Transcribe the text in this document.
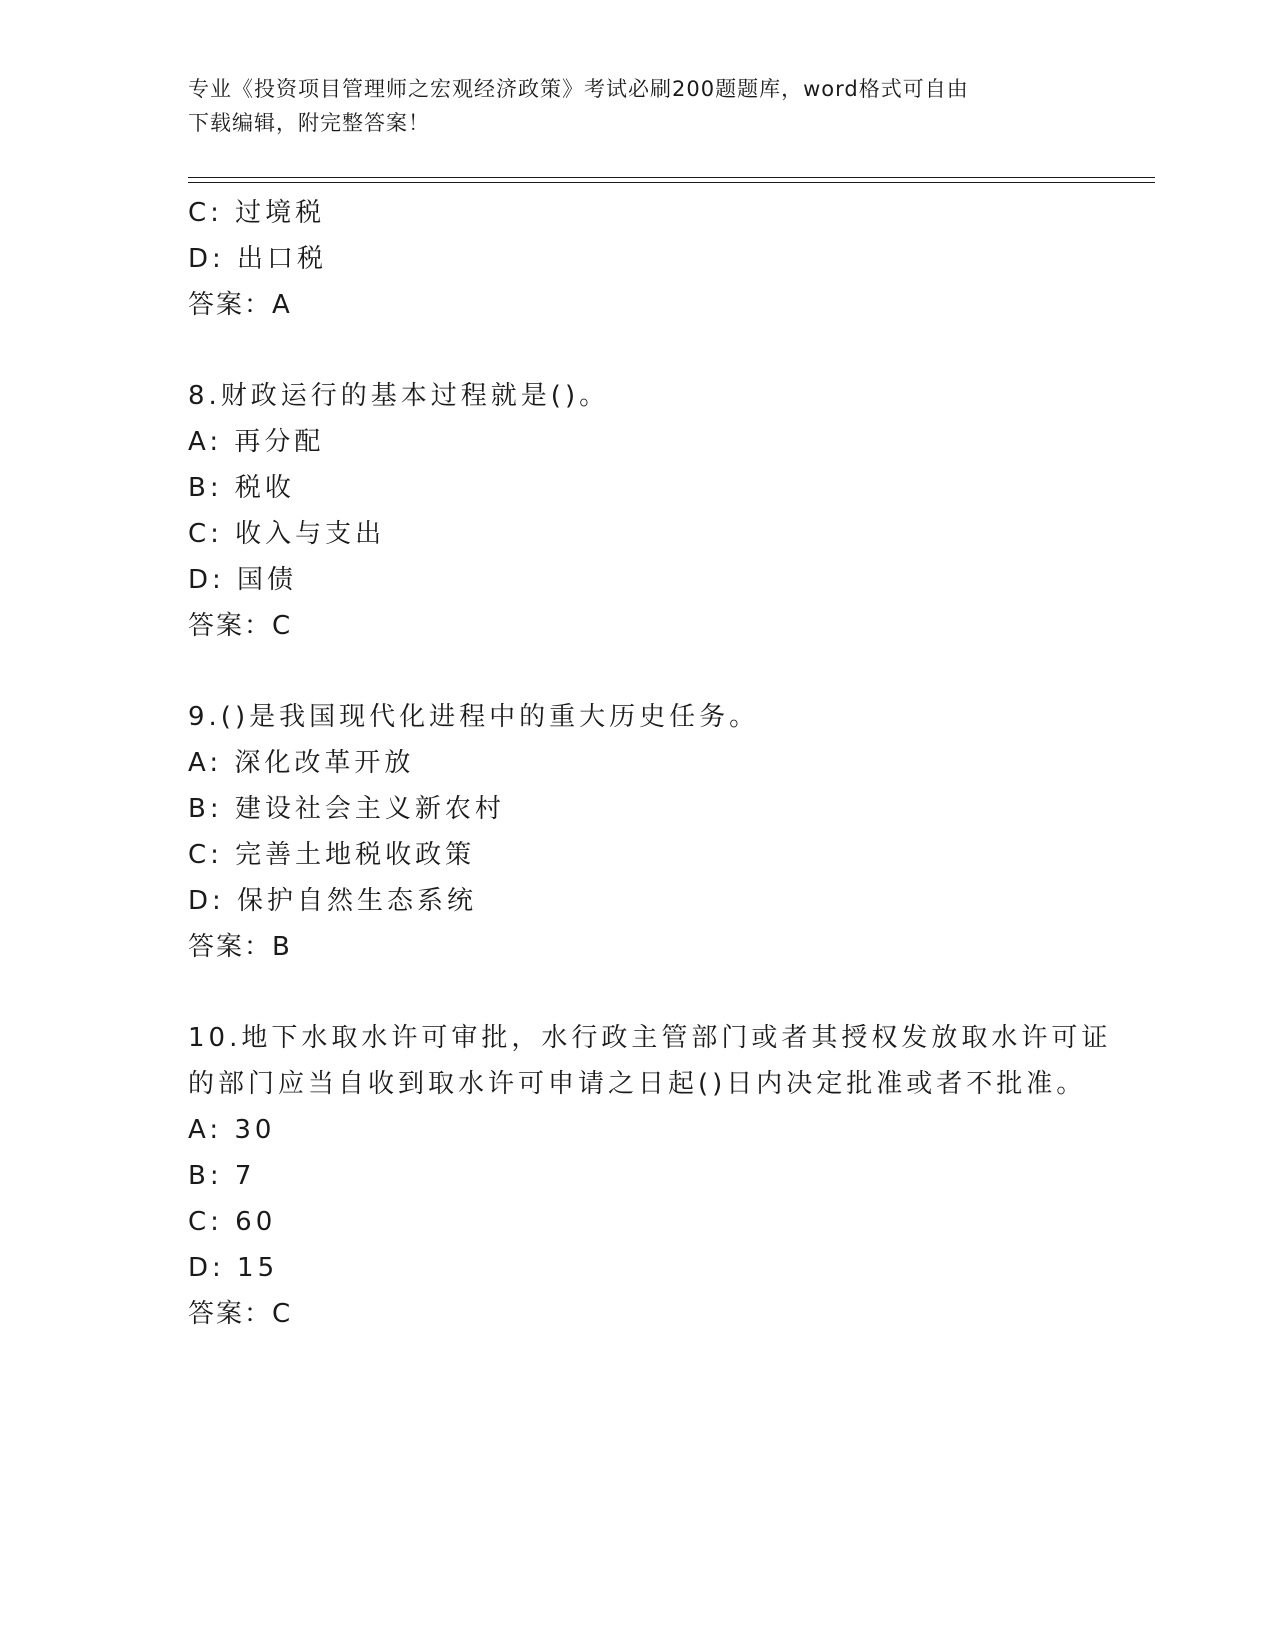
专业《投资项目管理师之宏观经济政策》考试必刷200题题库，word格式可自由
下载编辑，附完整答案！
C: 过境税
D: 出口税
答案：A
8.财政运行的基本过程就是()。
A: 再分配
B: 税收
C: 收入与支出
D: 国债
答案：C
9.()是我国现代化进程中的重大历史任务。
A: 深化改革开放
B: 建设社会主义新农村
C: 完善土地税收政策
D: 保护自然生态系统
答案：B
10.地下水取水许可审批，水行政主管部门或者其授权发放取水许可证
的部门应当自收到取水许可申请之日起()日内决定批准或者不批准。
A: 30
B: 7
C: 60
D: 15
答案：C
